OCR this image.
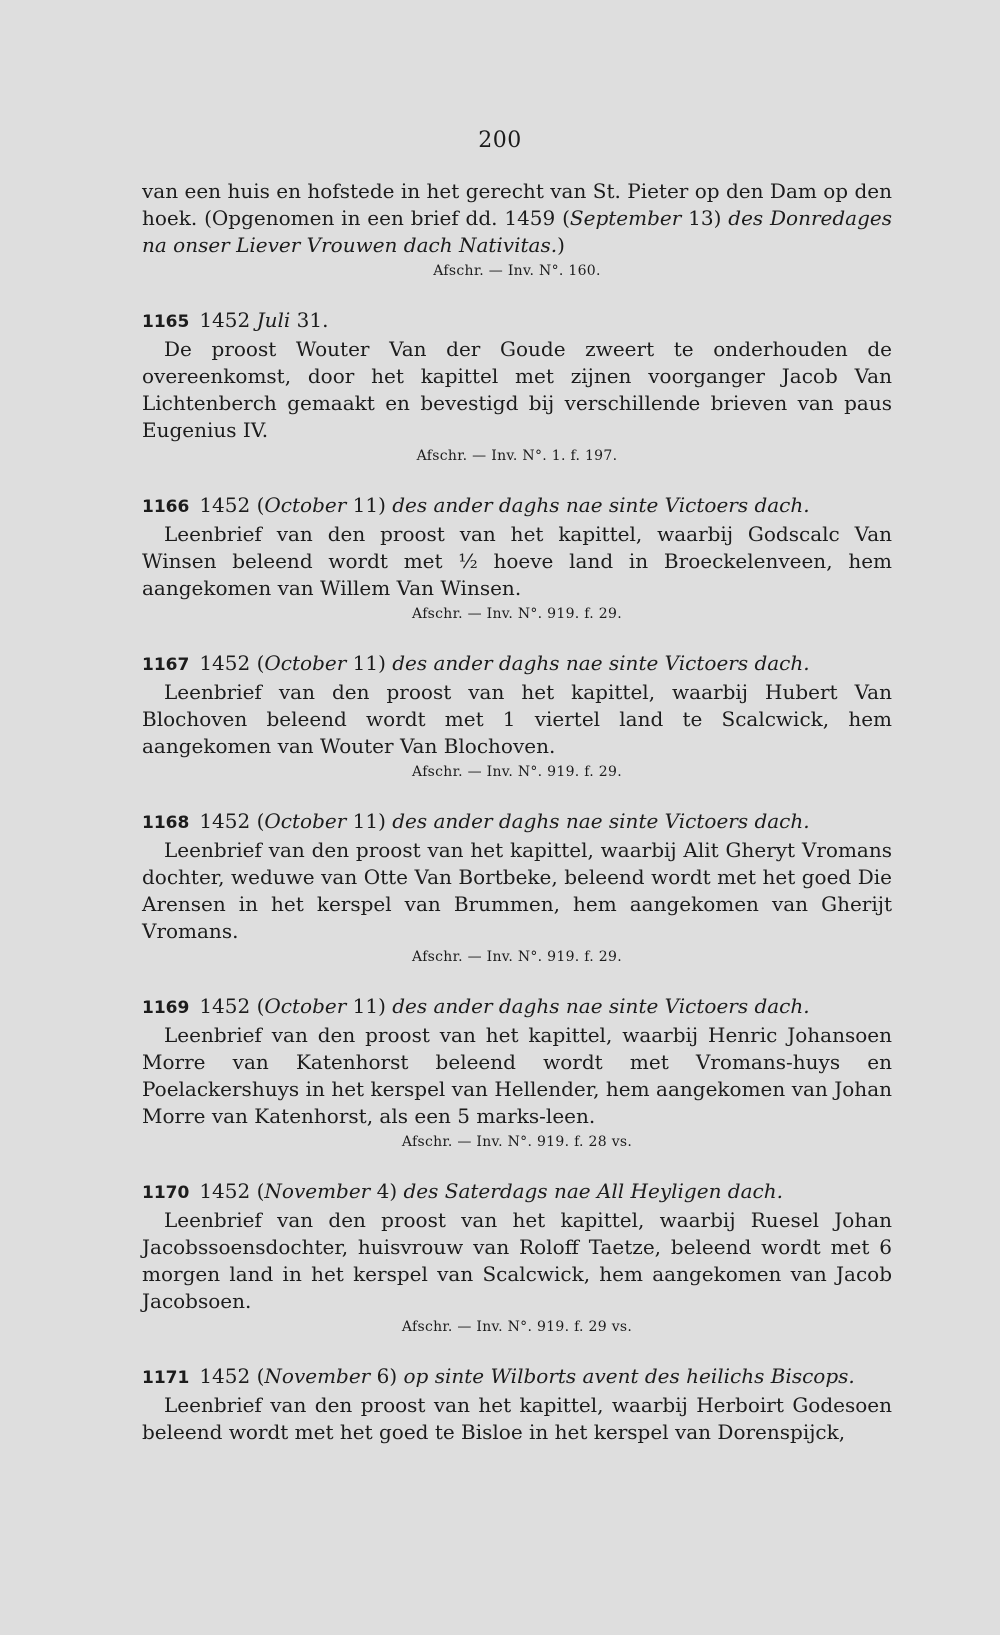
200

van een huis en hofstede in het gerecht van St. Pieter op den Dam op den hoek. (Opgenomen in een brief dd. 1459 (September 13) des Donredages na onser Liever Vrouwen dach Nativitas.)

Afschr. — Inv. N°. 160.

1165 1452 Juli 31.

De proost Wouter Van der Goude zweert te onderhouden de overeenkomst, door het kapittel met zijnen voorganger Jacob Van Lichtenberch gemaakt en bevestigd bij verschillende brieven van paus Eugenius IV.

Afschr. — Inv. N°. 1. f. 197.

1166 1452 (October 11) des ander daghs nae sinte Victoers dach.

Leenbrief van den proost van het kapittel, waarbij Godscalc Van Winsen beleend wordt met ½ hoeve land in Broeckelenveen, hem aangekomen van Willem Van Winsen.

Afschr. — Inv. N°. 919. f. 29.

1167 1452 (October 11) des ander daghs nae sinte Victoers dach.

Leenbrief van den proost van het kapittel, waarbij Hubert Van Blochoven beleend wordt met 1 viertel land te Scalcwick, hem aangekomen van Wouter Van Blochoven.

Afschr. — Inv. N°. 919. f. 29.

1168 1452 (October 11) des ander daghs nae sinte Victoers dach.

Leenbrief van den proost van het kapittel, waarbij Alit Gheryt Vromans dochter, weduwe van Otte Van Bortbeke, beleend wordt met het goed Die Arensen in het kerspel van Brummen, hem aangekomen van Gherijt Vromans.

Afschr. — Inv. N°. 919. f. 29.

1169 1452 (October 11) des ander daghs nae sinte Victoers dach.

Leenbrief van den proost van het kapittel, waarbij Henric Johansoen Morre van Katenhorst beleend wordt met Vromans-huys en Poelackershuys in het kerspel van Hellender, hem aangekomen van Johan Morre van Katenhorst, als een 5 marks-leen.

Afschr. — Inv. N°. 919. f. 28 vs.

1170 1452 (November 4) des Saterdags nae All Heyligen dach.

Leenbrief van den proost van het kapittel, waarbij Ruesel Johan Jacobssoensdochter, huisvrouw van Roloff Taetze, beleend wordt met 6 morgen land in het kerspel van Scalcwick, hem aangekomen van Jacob Jacobsoen.

Afschr. — Inv. N°. 919. f. 29 vs.

1171 1452 (November 6) op sinte Wilborts avent des heilichs Biscops.

Leenbrief van den proost van het kapittel, waarbij Herboirt Godesoen beleend wordt met het goed te Bisloe in het kerspel van Dorenspijck,
